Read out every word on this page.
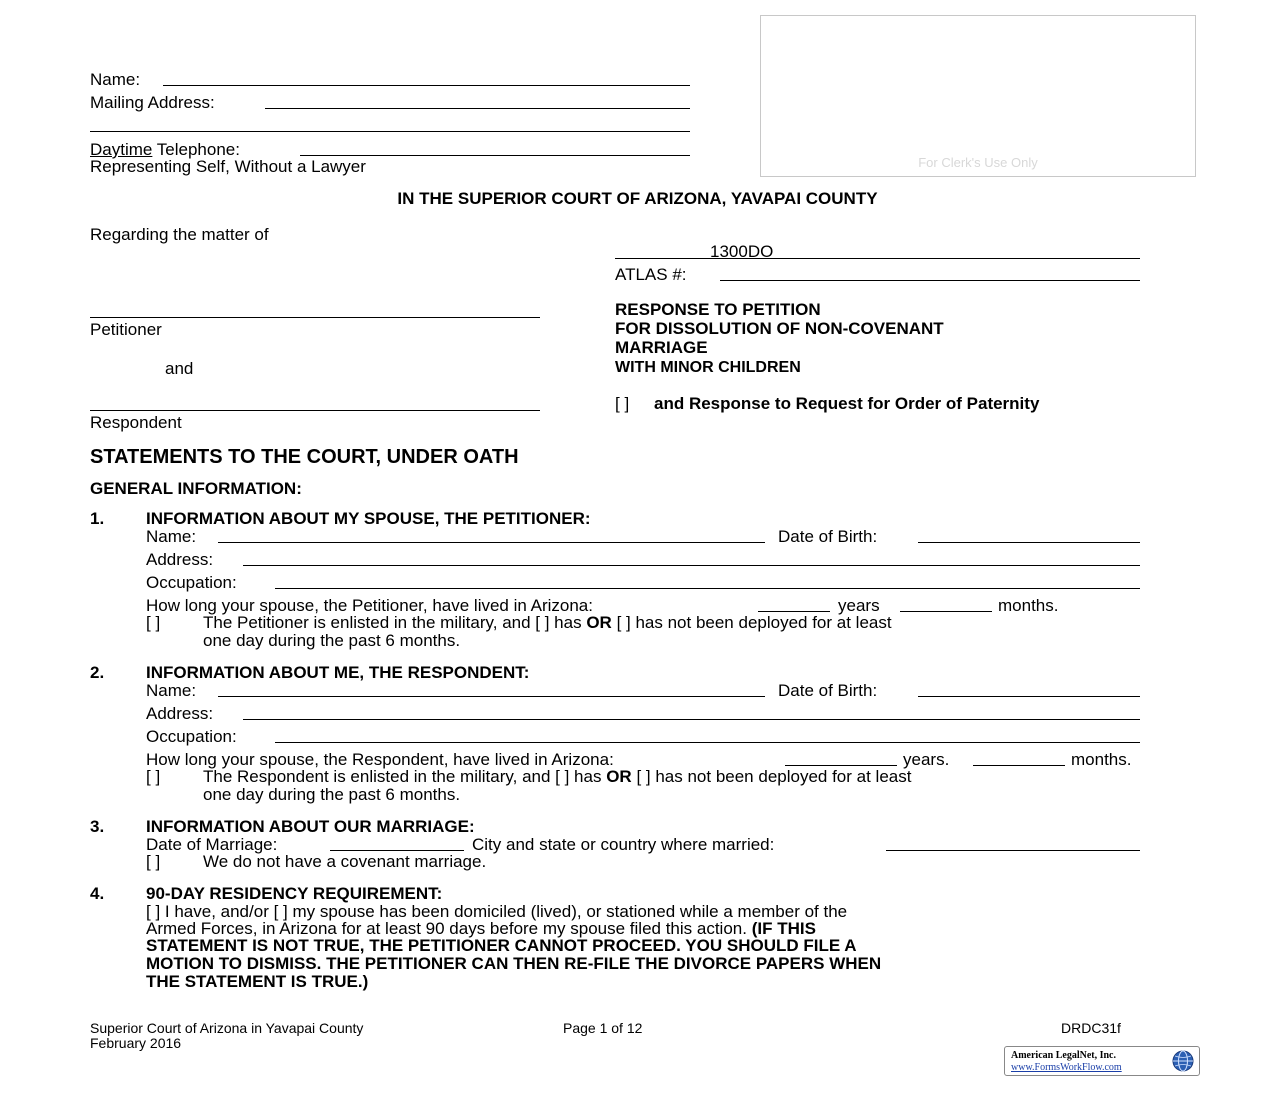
Name:
Mailing Address:
Daytime Telephone:
Representing Self, Without a Lawyer	For Clerk's Use Only
IN THE SUPERIOR COURT OF ARIZONA, YAVAPAI COUNTY
Regarding the matter of
Petitioner
and
Respondent
1300DO
ATLAS #:
RESPONSE TO PETITION
FOR DISSOLUTION OF NON-COVENANT
MARRIAGE
WITH MINOR CHILDREN
[ ] and Response to Request for Order of Paternity
STATEMENTS TO THE COURT, UNDER OATH
GENERAL INFORMATION:
1. INFORMATION ABOUT MY SPOUSE, THE PETITIONER:
Name:	Date of Birth:
Address:
Occupation:
How long your spouse, the Petitioner, have lived in Arizona:	years	months.
[ ]	The Petitioner is enlisted in the military, and [ ] has OR [ ] has not been deployed for at least
one day during the past 6 months.
2. INFORMATION ABOUT ME, THE RESPONDENT:
Name:	Date of Birth:
Address:
Occupation:
How long your spouse, the Respondent, have lived in Arizona:	years.	months.
[ ]	The Respondent is enlisted in the military, and [ ] has OR [ ] has not been deployed for at least
one day during the past 6 months.
3. INFORMATION ABOUT OUR MARRIAGE:
Date of Marriage:	City and state or country where married:
[ ]	We do not have a covenant marriage.
4. 90-DAY RESIDENCY REQUIREMENT:
[ ] I have, and/or [ ] my spouse has been domiciled (lived), or stationed while a member of the
Armed Forces, in Arizona for at least 90 days before my spouse filed this action. (IF THIS
STATEMENT IS NOT TRUE, THE PETITIONER CANNOT PROCEED. YOU SHOULD FILE A
MOTION TO DISMISS. THE PETITIONER CAN THEN RE-FILE THE DIVORCE PAPERS WHEN
THE STATEMENT IS TRUE.)
Superior Court of Arizona in Yavapai County
February 2016
Page 1 of 12	DRDC31f
American LegalNet, Inc.
www.FormsWorkFlow.com
